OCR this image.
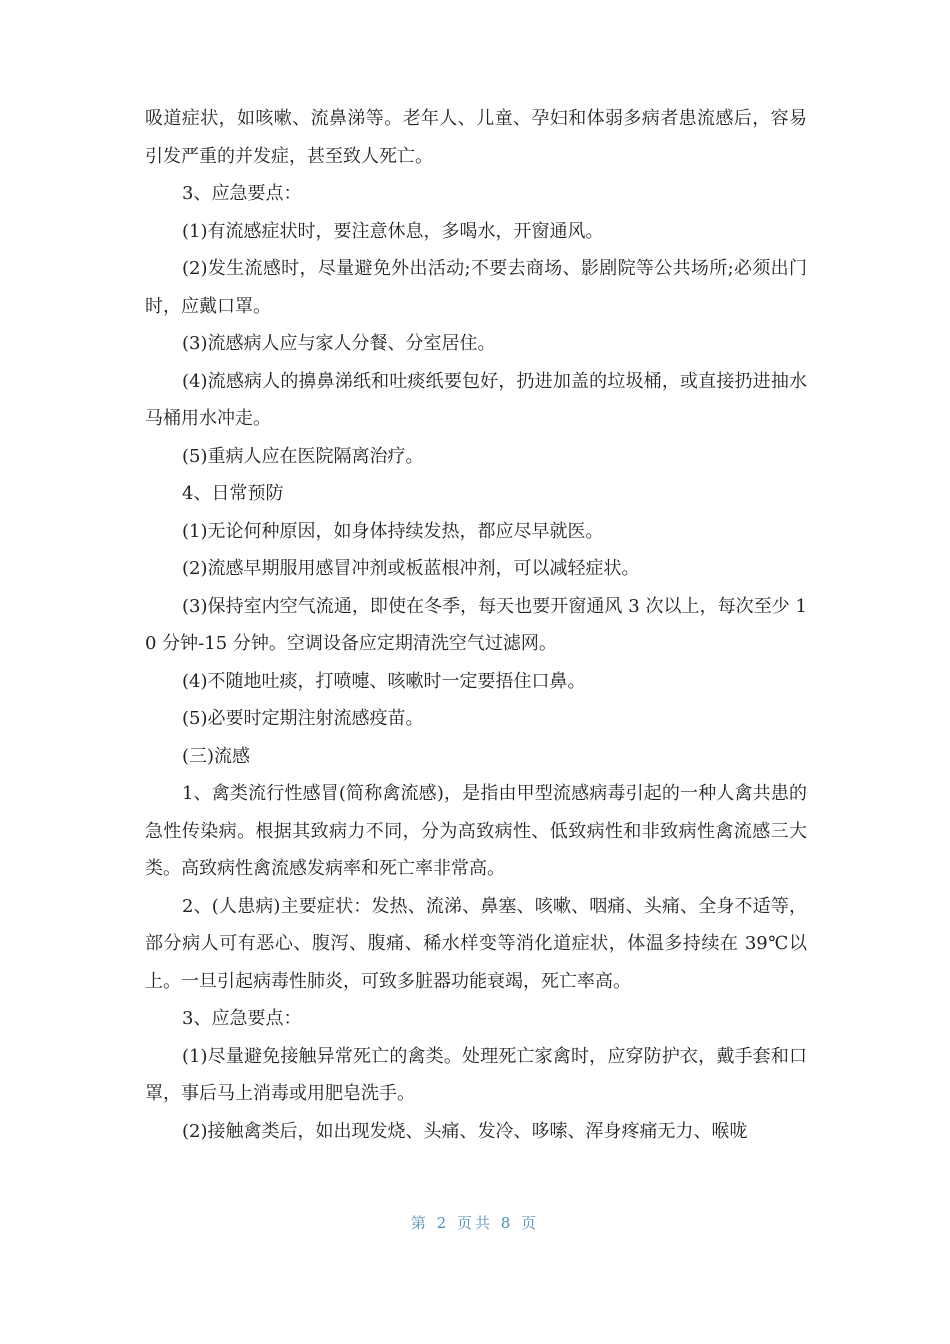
吸道症状，如咳嗽、流鼻涕等。老年人、儿童、孕妇和体弱多病者患流感后，容易引发严重的并发症，甚至致人死亡。

3、应急要点：

(1)有流感症状时，要注意休息，多喝水，开窗通风。

(2)发生流感时，尽量避免外出活动;不要去商场、影剧院等公共场所;必须出门时，应戴口罩。

(3)流感病人应与家人分餐、分室居住。

(4)流感病人的擤鼻涕纸和吐痰纸要包好，扔进加盖的垃圾桶，或直接扔进抽水马桶用水冲走。

(5)重病人应在医院隔离治疗。

4、日常预防

(1)无论何种原因，如身体持续发热，都应尽早就医。

(2)流感早期服用感冒冲剂或板蓝根冲剂，可以减轻症状。

(3)保持室内空气流通，即使在冬季，每天也要开窗通风 3 次以上，每次至少 10 分钟-15 分钟。空调设备应定期清洗空气过滤网。

(4)不随地吐痰，打喷嚏、咳嗽时一定要捂住口鼻。

(5)必要时定期注射流感疫苗。

(三)流感

1、禽类流行性感冒(简称禽流感)，是指由甲型流感病毒引起的一种人禽共患的急性传染病。根据其致病力不同，分为高致病性、低致病性和非致病性禽流感三大类。高致病性禽流感发病率和死亡率非常高。

2、(人患病)主要症状：发热、流涕、鼻塞、咳嗽、咽痛、头痛、全身不适等，部分病人可有恶心、腹泻、腹痛、稀水样变等消化道症状，体温多持续在 39℃以上。一旦引起病毒性肺炎，可致多脏器功能衰竭，死亡率高。

3、应急要点：

(1)尽量避免接触异常死亡的禽类。处理死亡家禽时，应穿防护衣，戴手套和口罩，事后马上消毒或用肥皂洗手。

(2)接触禽类后，如出现发烧、头痛、发冷、哆嗦、浑身疼痛无力、喉咙

第 2 页共 8 页
